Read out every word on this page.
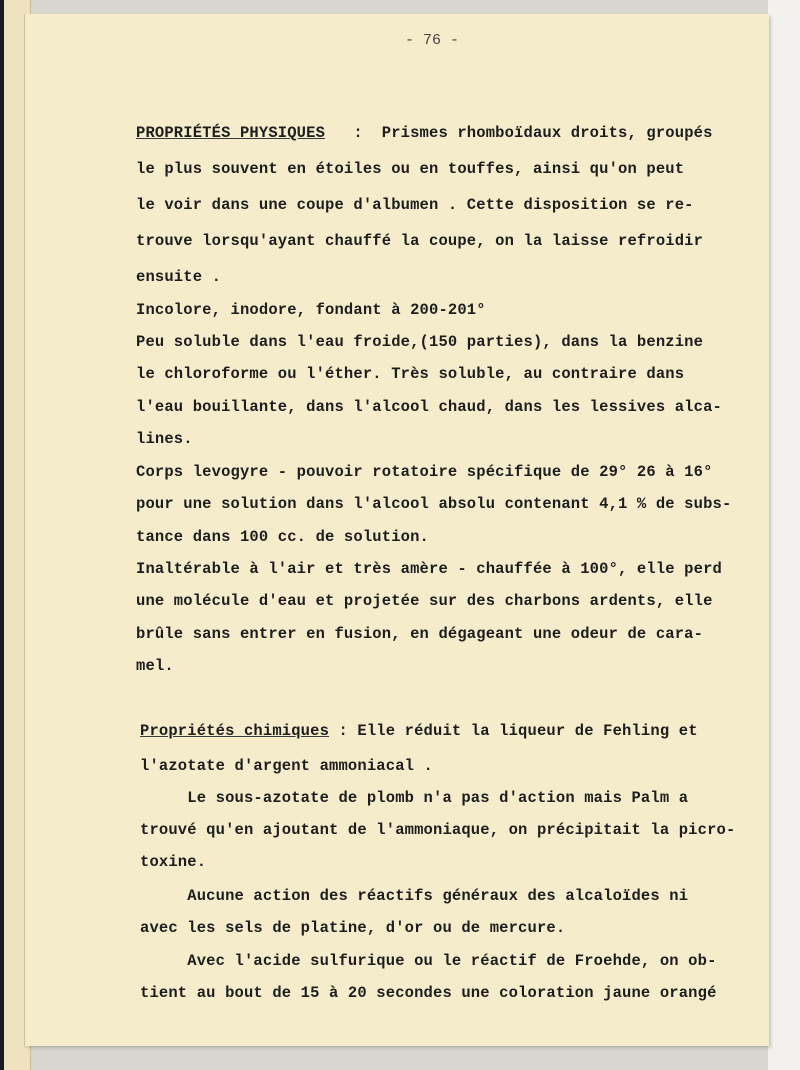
- 76 -
PROPRIÉTÉS PHYSIQUES   :  Prismes rhomboïdaux droits, groupés
le plus souvent en étoiles ou en touffes, ainsi qu'on peut
le voir dans une coupe d'albumen . Cette disposition se re-
trouve lorsqu'ayant chauffé la coupe, on la laisse refroidir
ensuite .
Incolore, inodore, fondant à 200-201°
Peu soluble dans l'eau froide,(150 parties), dans la benzine
le chloroforme ou l'éther. Très soluble, au contraire dans
l'eau bouillante, dans l'alcool chaud, dans les lessives alca-
lines.
Corps levogyre - pouvoir rotatoire spécifique de 29° 26 à 16°
pour une solution dans l'alcool absolu contenant 4,1 % de subs-
tance dans 100 cc. de solution.
Inaltérable à l'air et très amère - chauffée à 100°, elle perd
une molécule d'eau et projetée sur des charbons ardents, elle
brûle sans entrer en fusion, en dégageant une odeur de cara-
mel.
Propriétés chimiques : Elle réduit la liqueur de Fehling et
l'azotate d'argent ammoniacal .
Le sous-azotate de plomb n'a pas d'action mais Palm a
trouvé qu'en ajoutant de l'ammoniaque, on précipitait la picro-
toxine.
Aucune action des réactifs généraux des alcaloïdes ni
avec les sels de platine, d'or ou de mercure.
Avec l'acide sulfurique ou le réactif de Froehde, on ob-
tient au bout de 15 à 20 secondes une coloration jaune orangé
